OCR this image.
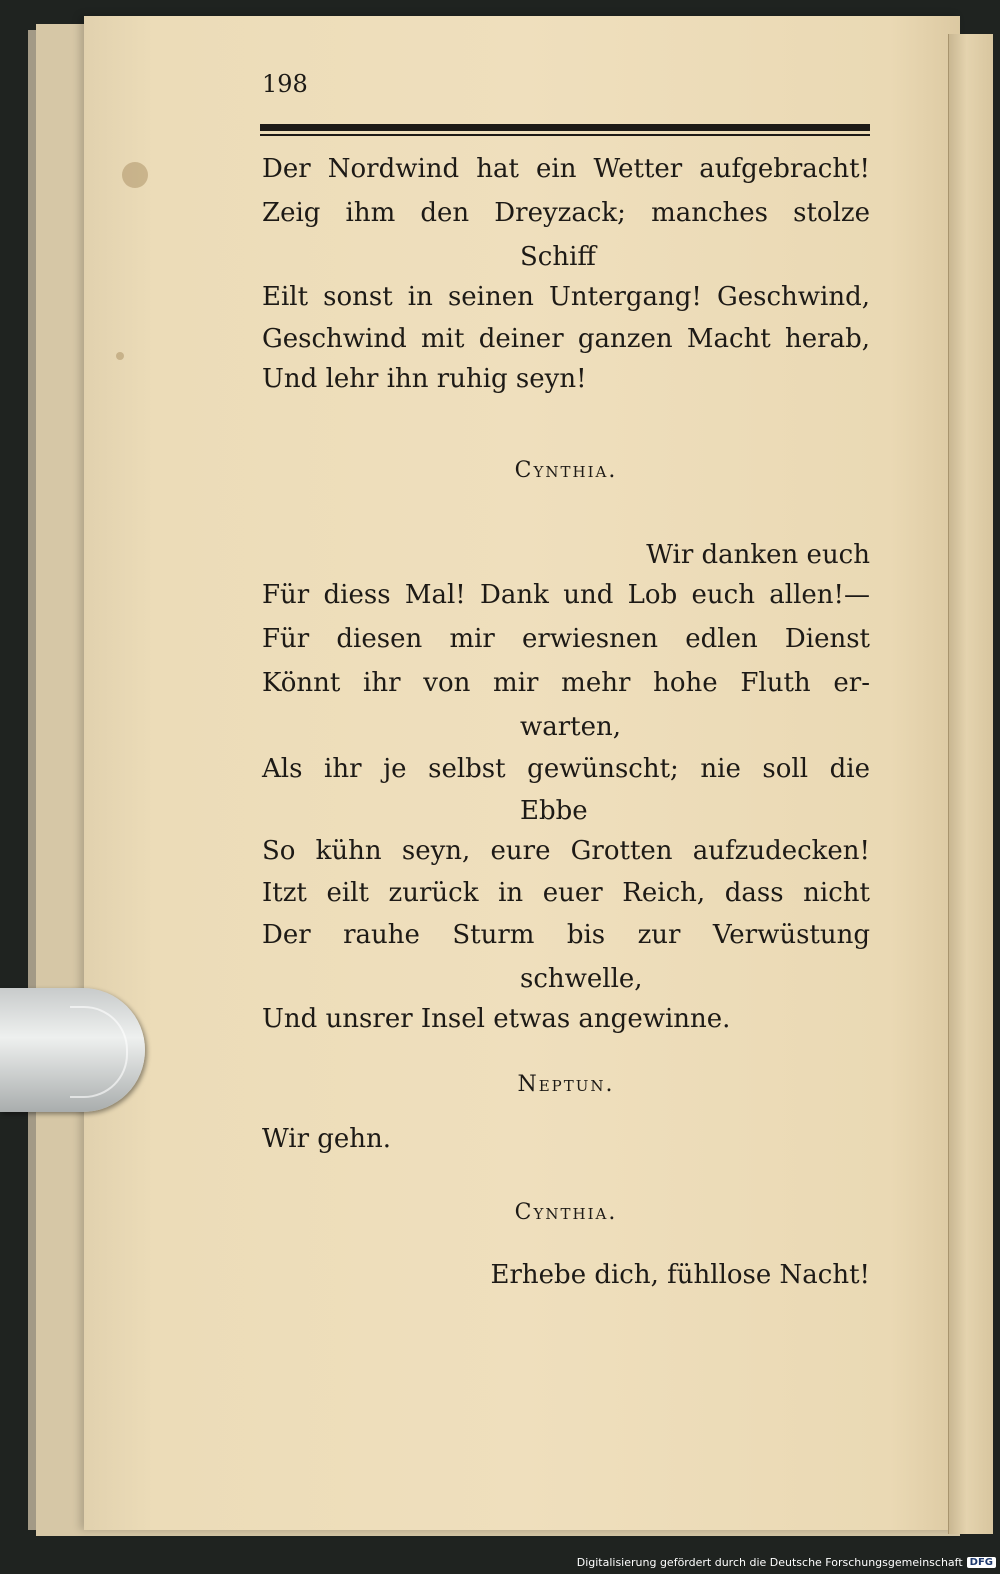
198
Der Nordwind hat ein Wetter aufgebracht!
Zeig ihm den Dreyzack; manches stolze
Schiff
Eilt sonst in seinen Untergang! Geschwind,
Geschwind mit deiner ganzen Macht herab,
Und lehr ihn ruhig seyn!
Cynthia.
Wir danken euch
Für diess Mal! Dank und Lob euch allen!—
Für diesen mir erwiesnen edlen Dienst
Könnt ihr von mir mehr hohe Fluth er-
warten,
Als ihr je selbst gewünscht; nie soll die
Ebbe
So kühn seyn, eure Grotten aufzudecken!
Itzt eilt zurück in euer Reich, dass nicht
Der rauhe Sturm bis zur Verwüstung
schwelle,
Und unsrer Insel etwas angewinne.
Neptun.
Wir gehn.
Cynthia.
Erhebe dich, fühllose Nacht!
Digitalisierung gefördert durch die Deutsche Forschungsgemeinschaft DFG
